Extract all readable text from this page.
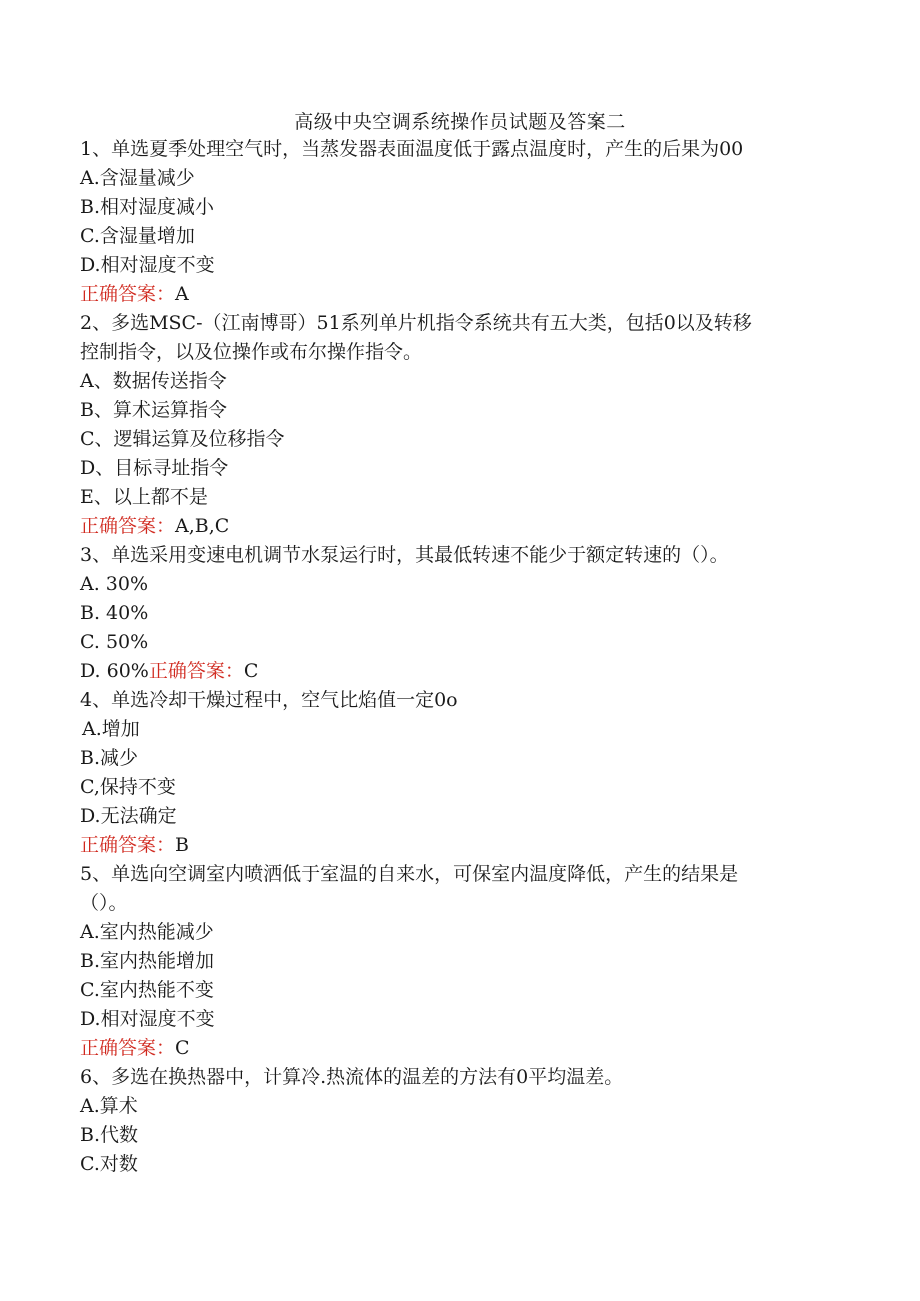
高级中央空调系统操作员试题及答案二
1、单选夏季处理空气时，当蒸发器表面温度低于露点温度时，产生的后果为00
A.含湿量减少
B.相对湿度减小
C.含湿量增加
D.相对湿度不变
正确答案：A
2、多选MSC-（江南博哥）51系列单片机指令系统共有五大类，包括0以及转移
控制指令，以及位操作或布尔操作指令。
A、数据传送指令
B、算术运算指令
C、逻辑运算及位移指令
D、目标寻址指令
E、以上都不是
正确答案：A,B,C
3、单选采用变速电机调节水泵运行时，其最低转速不能少于额定转速的（）。
A. 30%
B. 40%
C. 50%
D. 60%正确答案：C
4、单选冷却干燥过程中，空气比焰值一定0o
A.增加
B.减少
C,保持不变
D.无法确定
正确答案：B
5、单选向空调室内喷洒低于室温的自来水，可保室内温度降低，产生的结果是
（）。
A.室内热能减少
B.室内热能增加
C.室内热能不变
D.相对湿度不变
正确答案：C
6、多选在换热器中，计算冷.热流体的温差的方法有0平均温差。
A.算术
B.代数
C.对数
